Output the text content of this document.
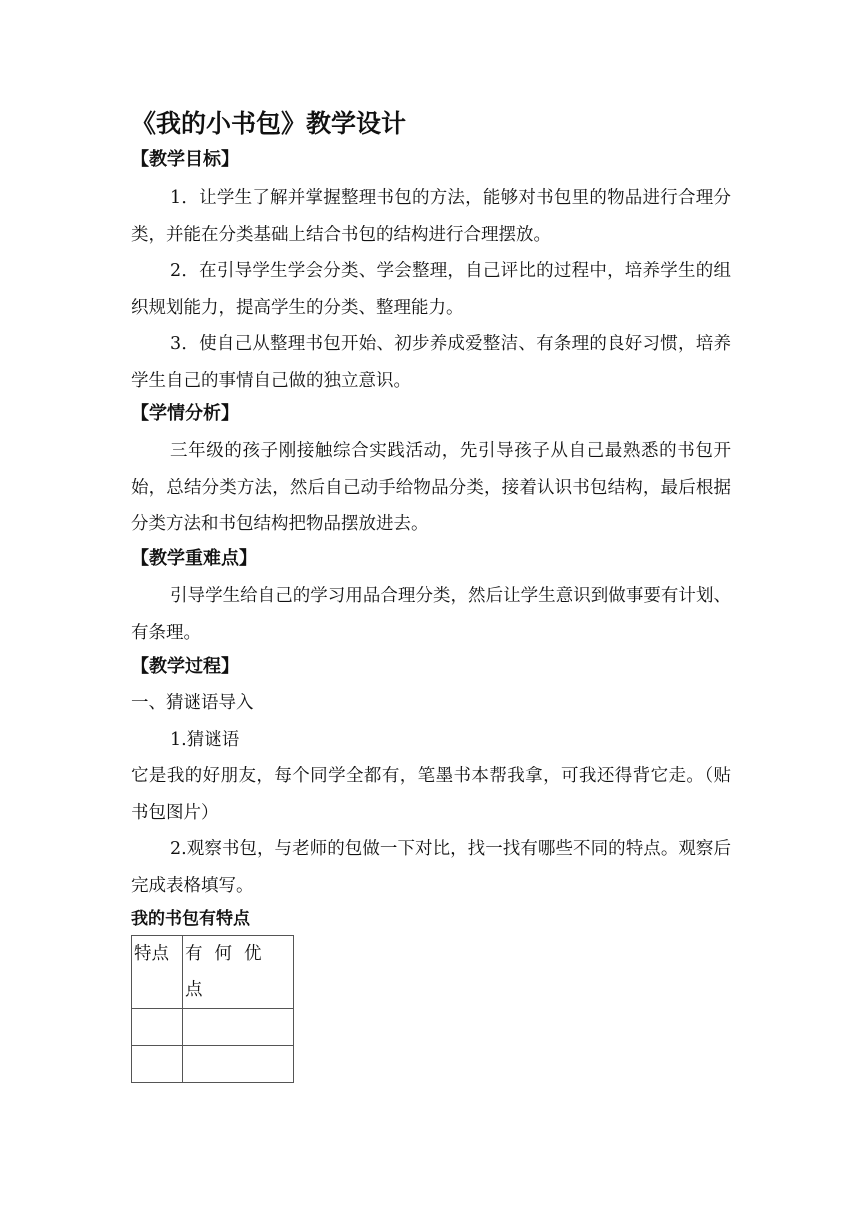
《我的小书包》教学设计
【教学目标】
1．让学生了解并掌握整理书包的方法，能够对书包里的物品进行合理分类，并能在分类基础上结合书包的结构进行合理摆放。
2．在引导学生学会分类、学会整理，自己评比的过程中，培养学生的组织规划能力，提高学生的分类、整理能力。
3．使自己从整理书包开始、初步养成爱整洁、有条理的良好习惯，培养学生自己的事情自己做的独立意识。
【学情分析】
三年级的孩子刚接触综合实践活动，先引导孩子从自己最熟悉的书包开始，总结分类方法，然后自己动手给物品分类，接着认识书包结构，最后根据分类方法和书包结构把物品摆放进去。
【教学重难点】
引导学生给自己的学习用品合理分类，然后让学生意识到做事要有计划、有条理。
【教学过程】
一、猜谜语导入
1.猜谜语
它是我的好朋友，每个同学全都有，笔墨书本帮我拿，可我还得背它走。（贴书包图片）
2.观察书包，与老师的包做一下对比，找一找有哪些不同的特点。观察后完成表格填写。
我的书包有特点
特点	有何优点
